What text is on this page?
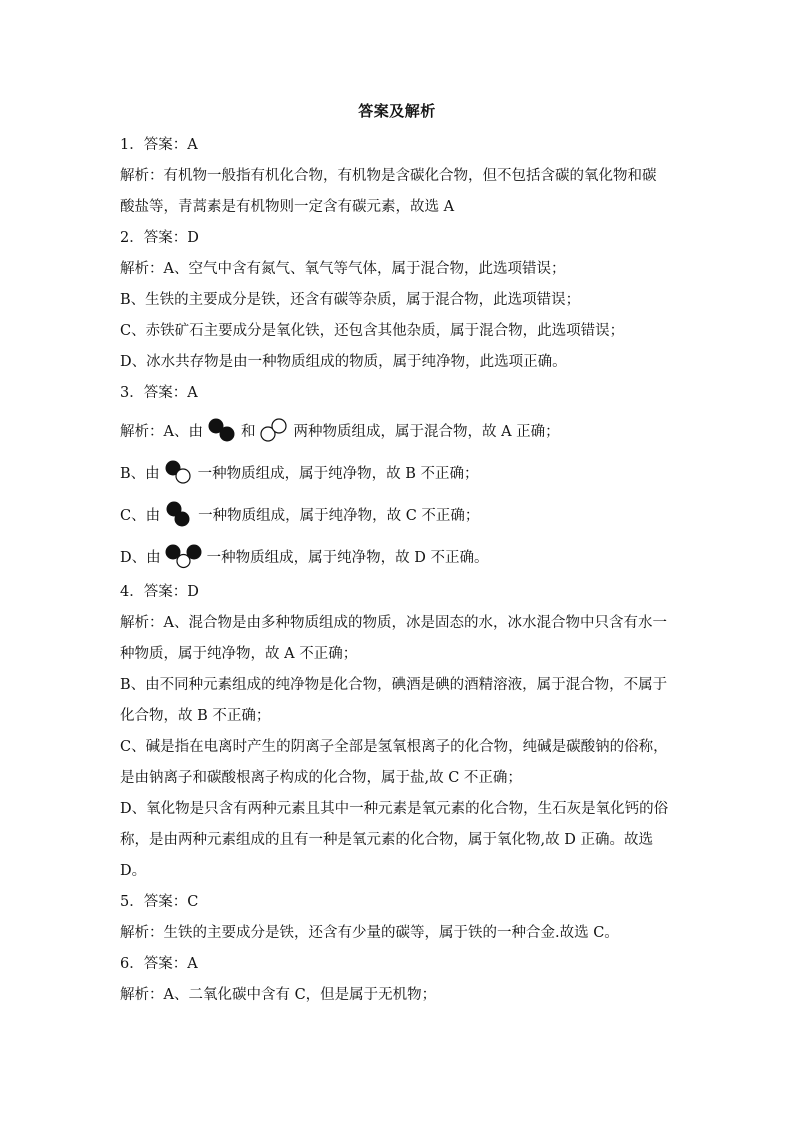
答案及解析
1．答案：A
解析：有机物一般指有机化合物，有机物是含碳化合物，但不包括含碳的氧化物和碳
酸盐等，青蒿素是有机物则一定含有碳元素，故选 A
2．答案：D
解析：A、空气中含有氮气、氧气等气体，属于混合物，此选项错误；
B、生铁的主要成分是铁，还含有碳等杂质，属于混合物，此选项错误；
C、赤铁矿石主要成分是氧化铁，还包含其他杂质，属于混合物，此选项错误；
D、冰水共存物是由一种物质组成的物质，属于纯净物，此选项正确。
3．答案：A
解析：A、由	和	两种物质组成，属于混合物，故 A 正确；
B、由	一种物质组成，属于纯净物，故 B 不正确；
C、由	一种物质组成，属于纯净物，故 C 不正确；
D、由	一种物质组成，属于纯净物，故 D 不正确。
4．答案：D
解析：A、混合物是由多种物质组成的物质，冰是固态的水，冰水混合物中只含有水一
种物质，属于纯净物，故 A 不正确；
B、由不同种元素组成的纯净物是化合物，碘酒是碘的酒精溶液，属于混合物，不属于
化合物，故 B 不正确；
C、碱是指在电离时产生的阴离子全部是氢氧根离子的化合物，纯碱是碳酸钠的俗称，
是由钠离子和碳酸根离子构成的化合物，属于盐,故 C 不正确；
D、氧化物是只含有两种元素且其中一种元素是氧元素的化合物，生石灰是氧化钙的俗
称，是由两种元素组成的且有一种是氧元素的化合物，属于氧化物,故 D 正确。故选
D。
5．答案：C
解析：生铁的主要成分是铁，还含有少量的碳等，属于铁的一种合金.故选 C。
6．答案：A
解析：A、二氧化碳中含有 C，但是属于无机物；
